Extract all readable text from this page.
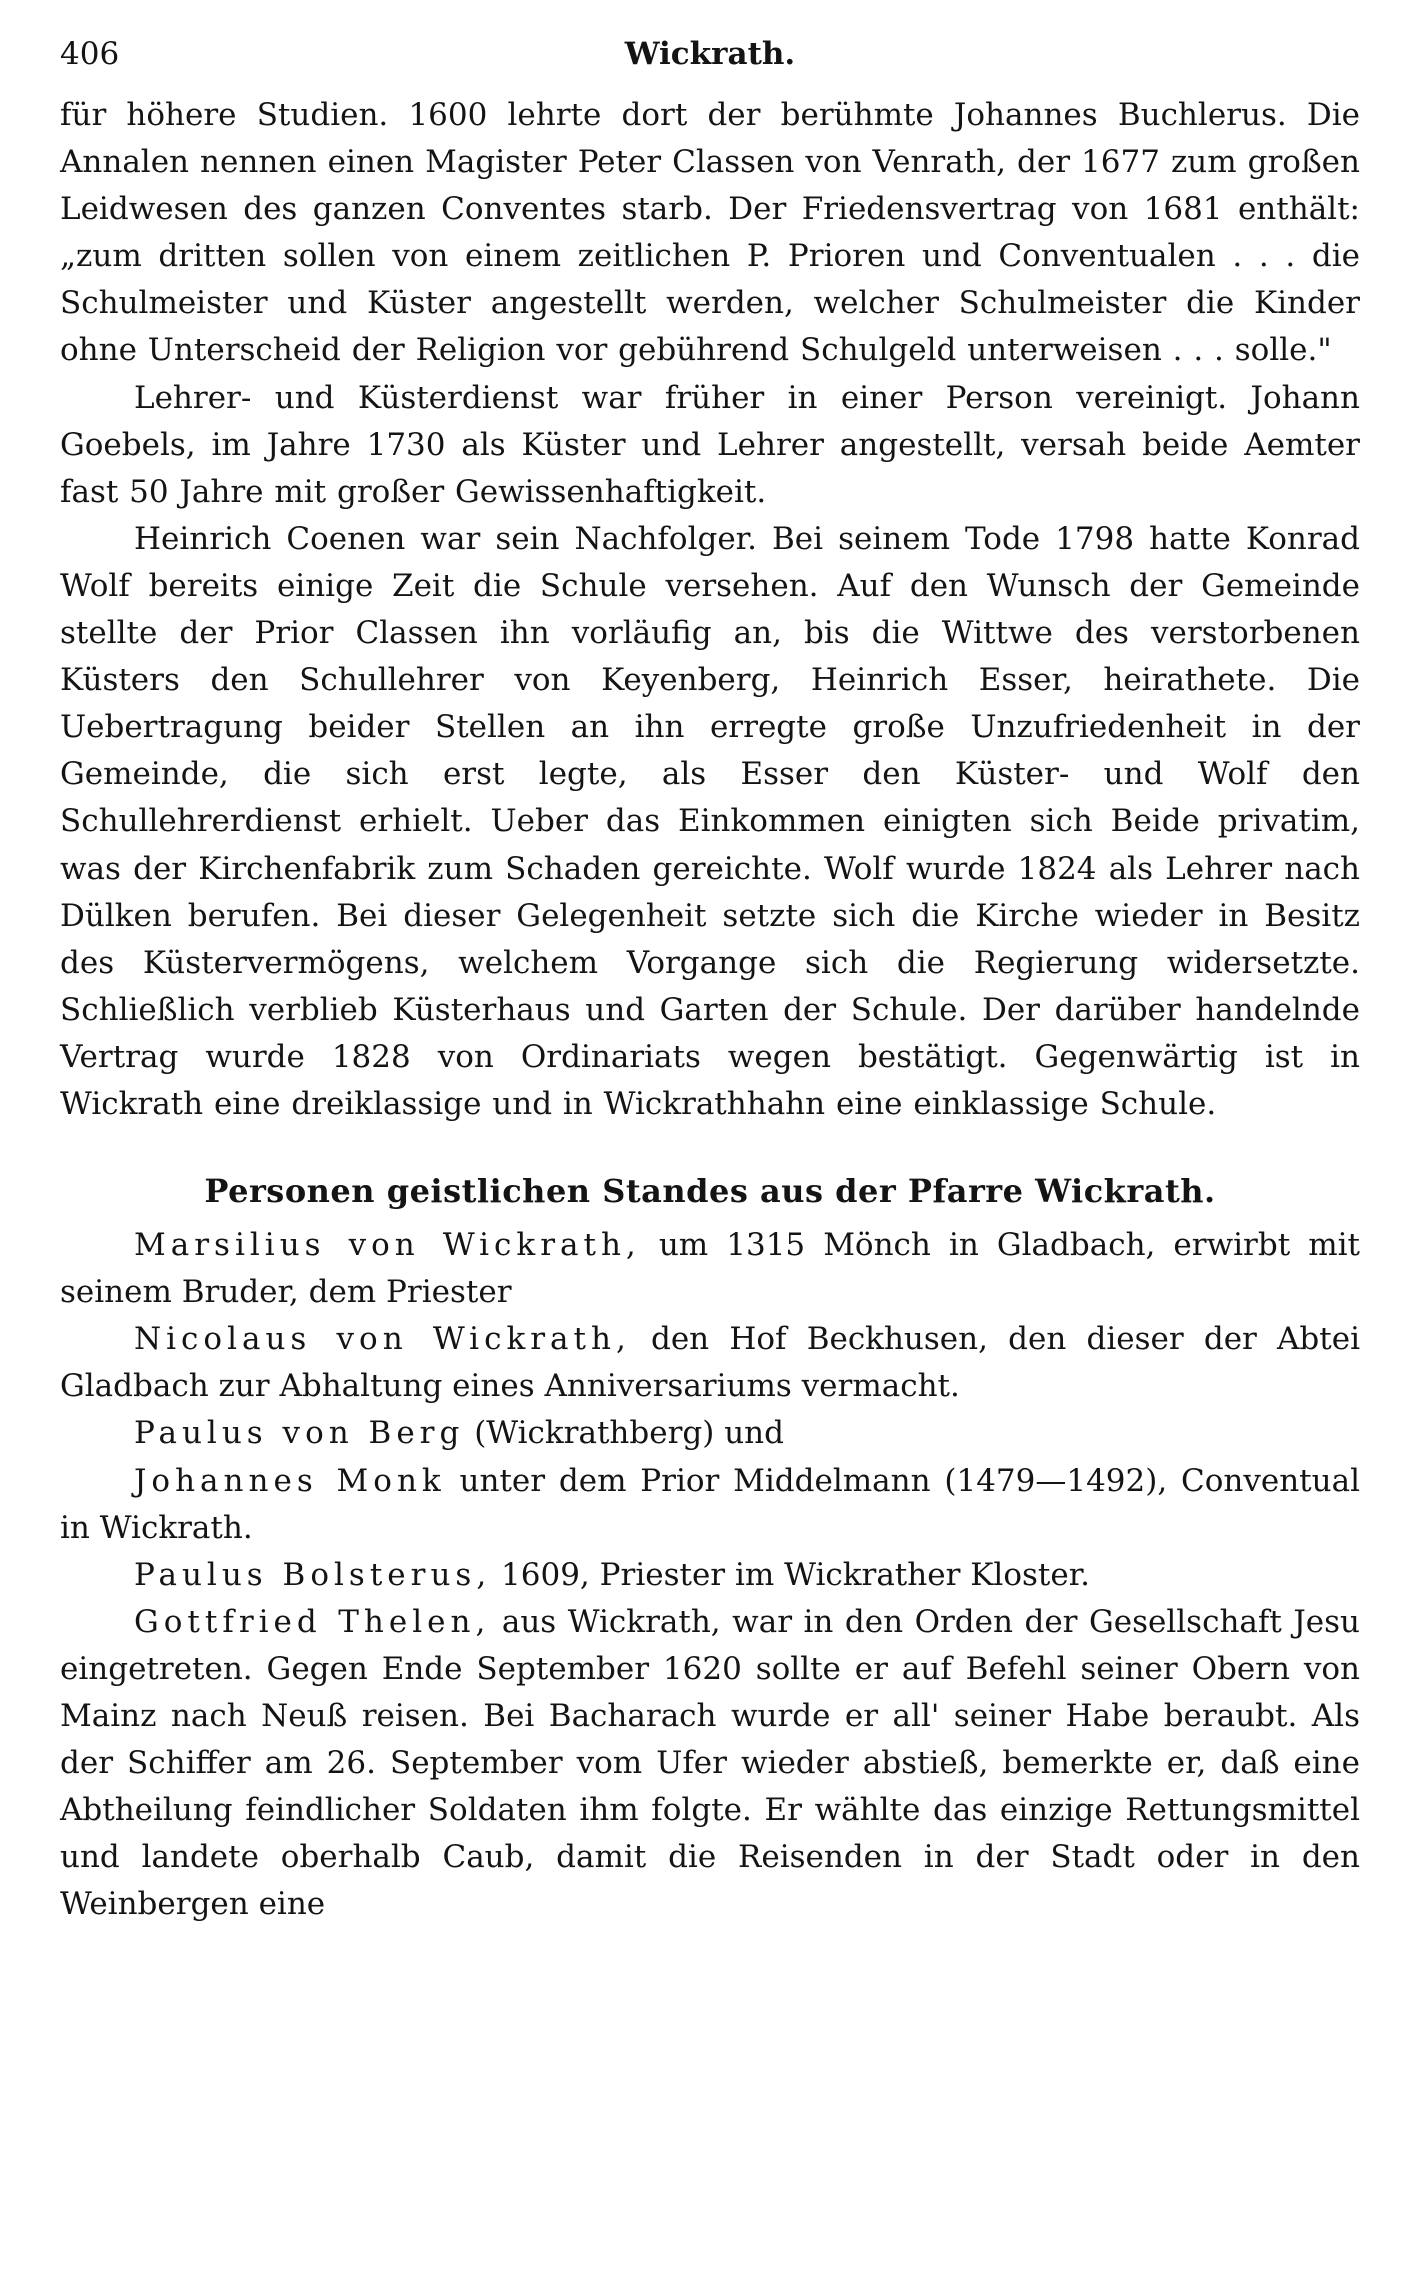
406	Wickrath.

für höhere Studien. 1600 lehrte dort der berühmte Johannes Buchlerus. Die Annalen nennen einen Magister Peter Classen von Venrath, der 1677 zum großen Leidwesen des ganzen Conventes starb. Der Friedensvertrag von 1681 enthält: „zum dritten sollen von einem zeitlichen P. Prioren und Conventualen . . . die Schulmeister und Küster angestellt werden, welcher Schulmeister die Kinder ohne Unterscheid der Religion vor gebührend Schulgeld unterweisen . . . solle."

Lehrer- und Küsterdienst war früher in einer Person vereinigt. Johann Goebels, im Jahre 1730 als Küster und Lehrer angestellt, versah beide Aemter fast 50 Jahre mit großer Gewissenhaftigkeit.

Heinrich Coenen war sein Nachfolger. Bei seinem Tode 1798 hatte Konrad Wolf bereits einige Zeit die Schule versehen. Auf den Wunsch der Gemeinde stellte der Prior Classen ihn vorläufig an, bis die Wittwe des verstorbenen Küsters den Schullehrer von Keyenberg, Heinrich Esser, heirathete. Die Uebertragung beider Stellen an ihn erregte große Unzufriedenheit in der Gemeinde, die sich erst legte, als Esser den Küster- und Wolf den Schullehrerdienst erhielt. Ueber das Einkommen einigten sich Beide privatim, was der Kirchenfabrik zum Schaden gereichte. Wolf wurde 1824 als Lehrer nach Dülken berufen. Bei dieser Gelegenheit setzte sich die Kirche wieder in Besitz des Küstervermögens, welchem Vorgange sich die Regierung widersetzte. Schließlich verblieb Küsterhaus und Garten der Schule. Der darüber handelnde Vertrag wurde 1828 von Ordinariats wegen bestätigt. Gegenwärtig ist in Wickrath eine dreiklassige und in Wickrathhahn eine einklassige Schule.

Personen geistlichen Standes aus der Pfarre Wickrath.

Marsilius von Wickrath, um 1315 Mönch in Gladbach, erwirbt mit seinem Bruder, dem Priester

Nicolaus von Wickrath, den Hof Beckhusen, den dieser der Abtei Gladbach zur Abhaltung eines Anniversariums vermacht.

Paulus von Berg (Wickrathberg) und

Johannes Monk unter dem Prior Middelmann (1479—1492), Conventual in Wickrath.

Paulus Bolsterus, 1609, Priester im Wickrather Kloster.

Gottfried Thelen, aus Wickrath, war in den Orden der Gesellschaft Jesu eingetreten. Gegen Ende September 1620 sollte er auf Befehl seiner Obern von Mainz nach Neuß reisen. Bei Bacharach wurde er all' seiner Habe beraubt. Als der Schiffer am 26. September vom Ufer wieder abstieß, bemerkte er, daß eine Abtheilung feindlicher Soldaten ihm folgte. Er wählte das einzige Rettungsmittel und landete oberhalb Caub, damit die Reisenden in der Stadt oder in den Weinbergen eine
